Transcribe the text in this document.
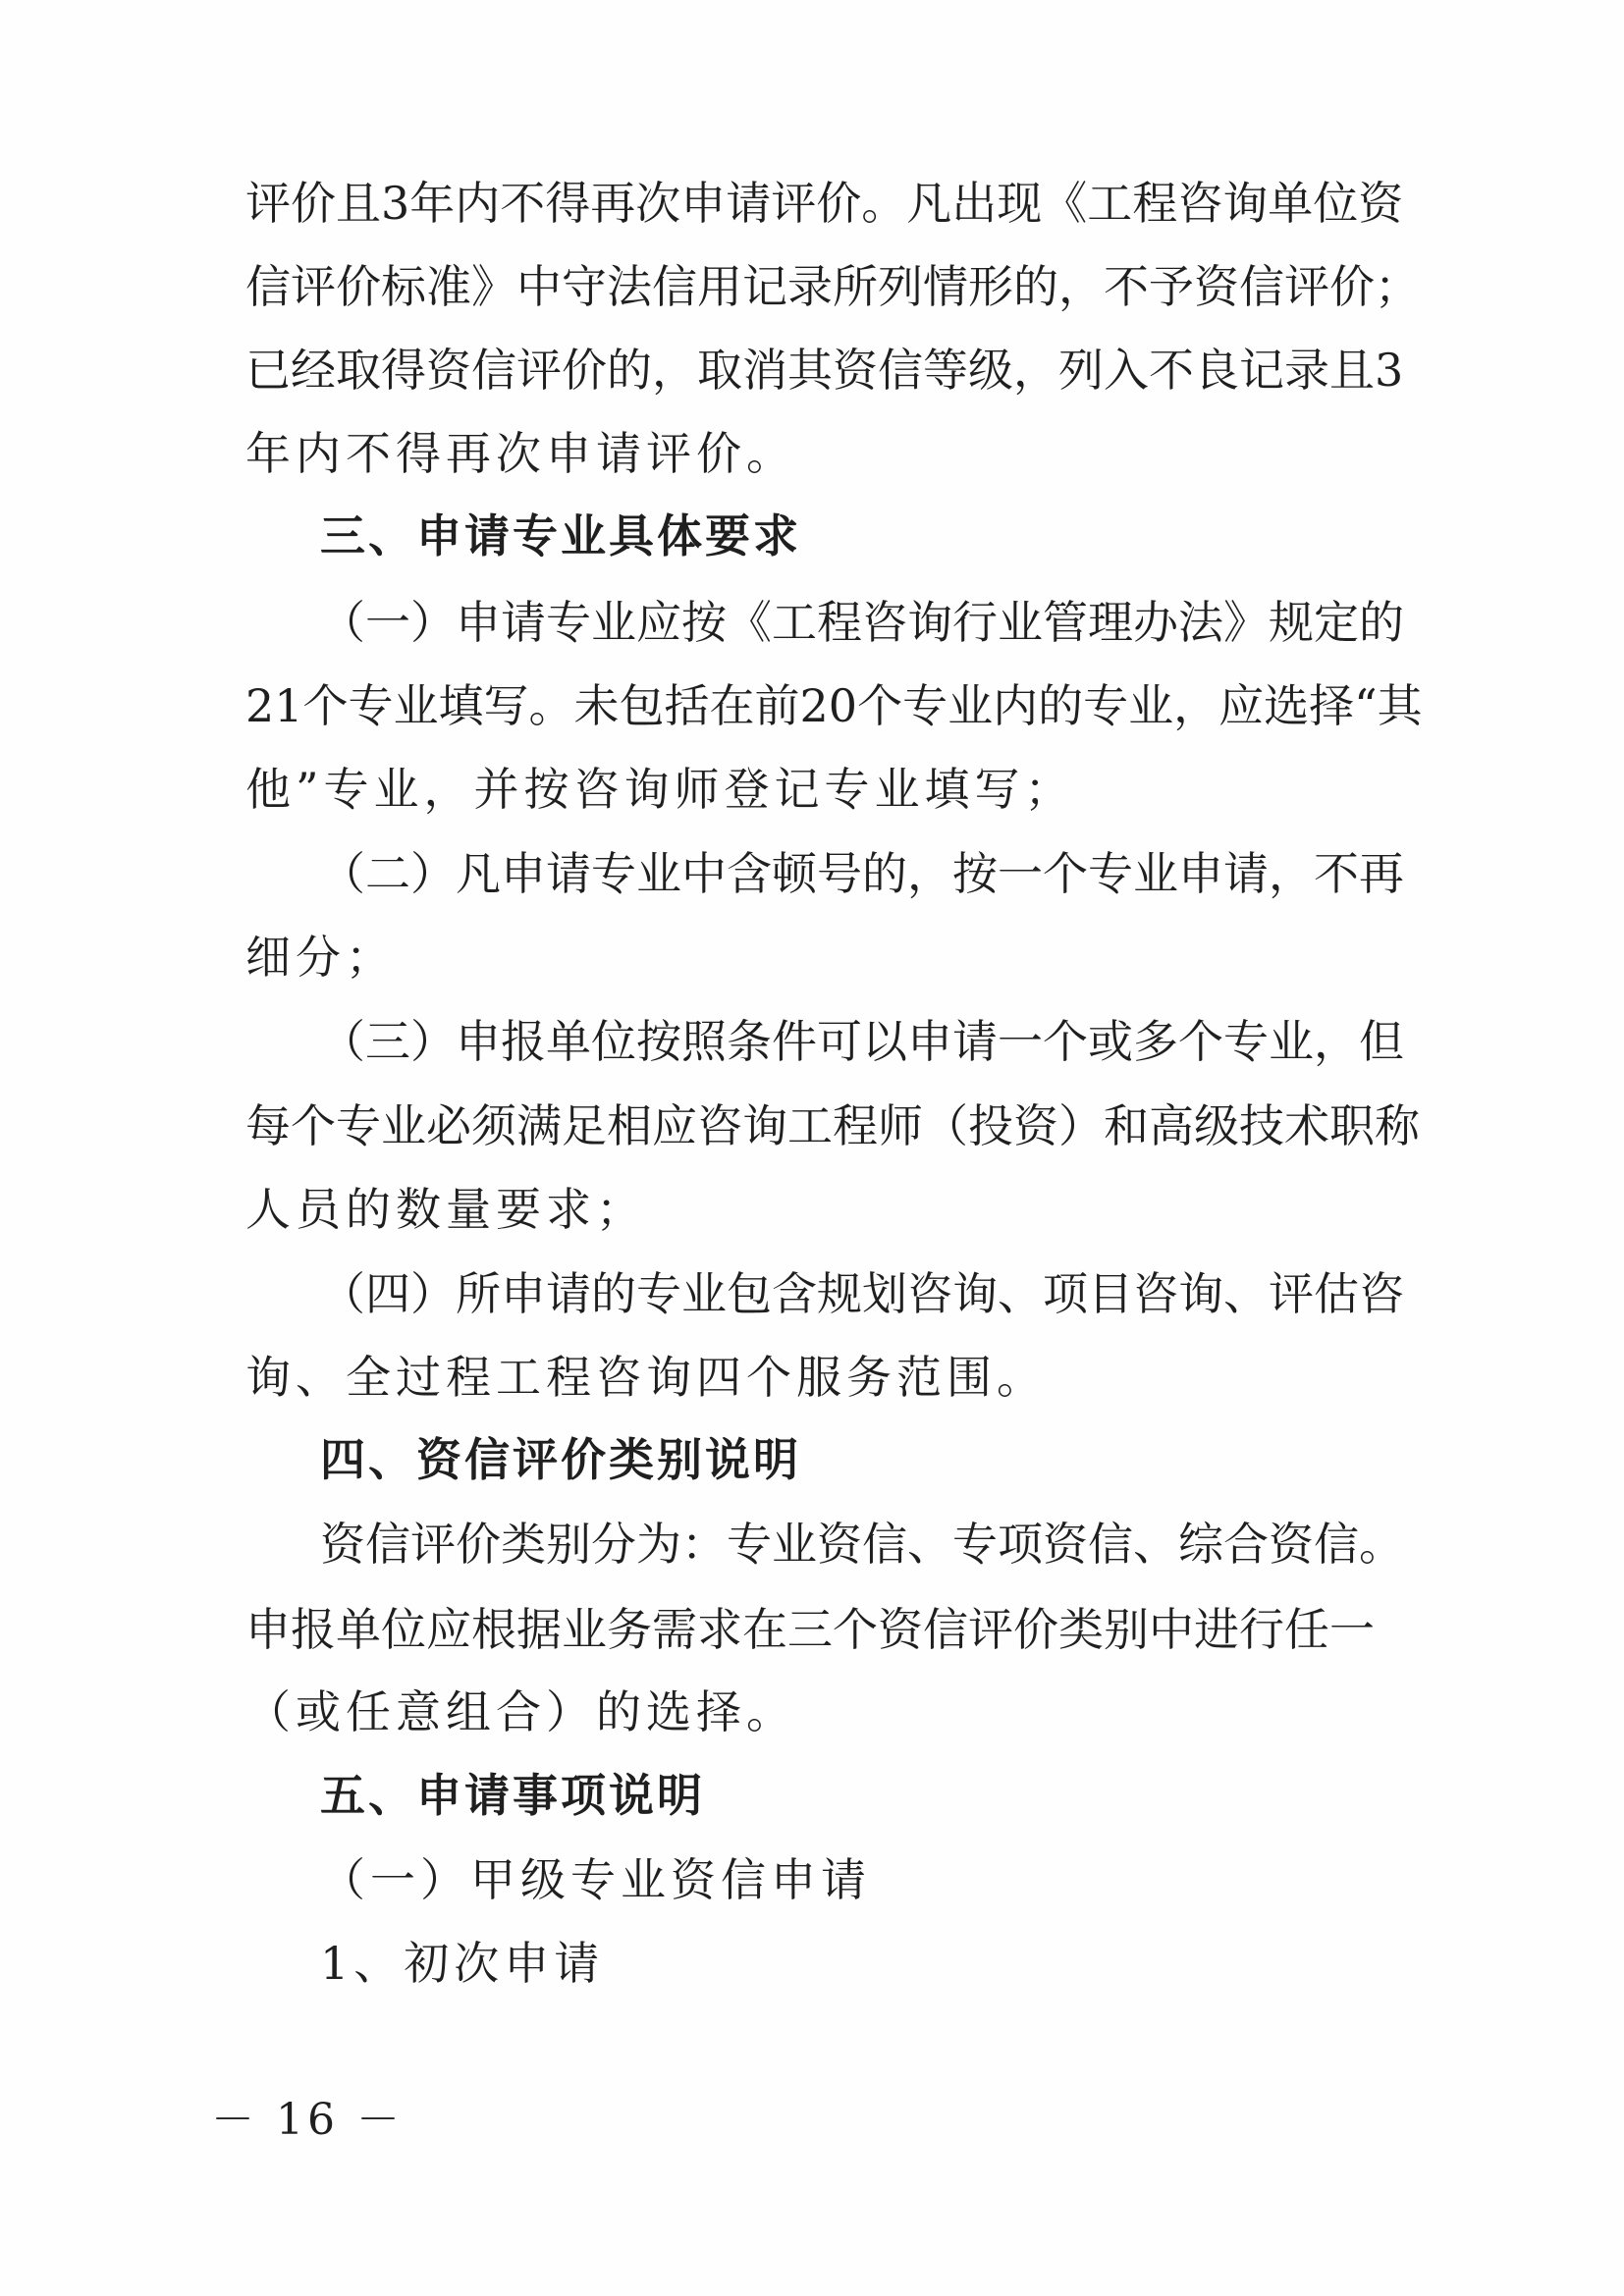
评价且3年内不得再次申请评价。凡出现《工程咨询单位资
信评价标准》中守法信用记录所列情形的，不予资信评价；
已经取得资信评价的，取消其资信等级，列入不良记录且3
年内不得再次申请评价。
三、申请专业具体要求
（一）申请专业应按《工程咨询行业管理办法》规定的
21个专业填写。未包括在前20个专业内的专业，应选择“其
他”专业，并按咨询师登记专业填写；
（二）凡申请专业中含顿号的，按一个专业申请，不再
细分；
（三）申报单位按照条件可以申请一个或多个专业，但
每个专业必须满足相应咨询工程师（投资）和高级技术职称
人员的数量要求；
（四）所申请的专业包含规划咨询、项目咨询、评估咨
询、全过程工程咨询四个服务范围。
四、资信评价类别说明
资信评价类别分为：专业资信、专项资信、综合资信。
申报单位应根据业务需求在三个资信评价类别中进行任一
（或任意组合）的选择。
五、申请事项说明
（一）甲级专业资信申请
1、初次申请
－ 16 －
